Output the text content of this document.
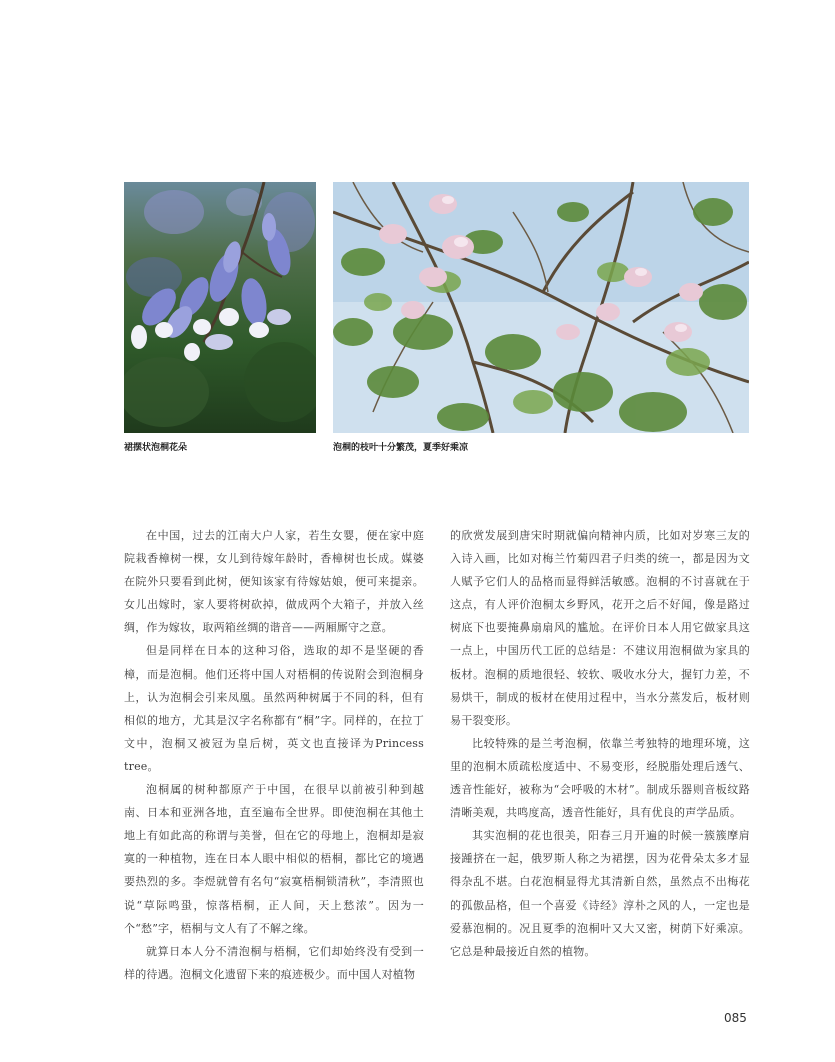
裙摆状泡桐花朵	泡桐的枝叶十分繁茂，夏季好乘凉

在中国，过去的江南大户人家，若生女婴，便在家中庭院栽香樟树一棵，女儿到待嫁年龄时，香樟树也长成。媒婆在院外只要看到此树，便知该家有待嫁姑娘，便可来提亲。女儿出嫁时，家人要将树砍掉，做成两个大箱子，并放入丝绸，作为嫁妆，取两箱丝绸的谐音——两厢厮守之意。

但是同样在日本的这种习俗，选取的却不是坚硬的香樟，而是泡桐。他们还将中国人对梧桐的传说附会到泡桐身上，认为泡桐会引来凤凰。虽然两种树属于不同的科，但有相似的地方，尤其是汉字名称都有“桐”字。同样的，在拉丁文中，泡桐又被冠为皇后树，英文也直接译为Princess tree。

泡桐属的树种都原产于中国，在很早以前被引种到越南、日本和亚洲各地，直至遍布全世界。即使泡桐在其他土地上有如此高的称谓与美誉，但在它的母地上，泡桐却是寂寞的一种植物，连在日本人眼中相似的梧桐，都比它的境遇要热烈的多。李煜就曾有名句“寂寞梧桐锁清秋”，李清照也说“草际鸣蛩，惊落梧桐，正人间，天上愁浓”。因为一个“愁”字，梧桐与文人有了不解之缘。

就算日本人分不清泡桐与梧桐，它们却始终没有受到一样的待遇。泡桐文化遗留下来的痕迹极少。而中国人对植物

的欣赏发展到唐宋时期就偏向精神内质，比如对岁寒三友的入诗入画，比如对梅兰竹菊四君子归类的统一，都是因为文人赋予它们人的品格而显得鲜活敏感。泡桐的不讨喜就在于这点，有人评价泡桐太乡野风，花开之后不好闻，像是路过树底下也要掩鼻扇扇风的尴尬。在评价日本人用它做家具这一点上，中国历代工匠的总结是：不建议用泡桐做为家具的板材。泡桐的质地很轻、较软、吸收水分大，握钉力差，不易烘干，制成的板材在使用过程中，当水分蒸发后，板材则易干裂变形。

比较特殊的是兰考泡桐，依靠兰考独特的地理环境，这里的泡桐木质疏松度适中、不易变形，经脱脂处理后透气、透音性能好，被称为“会呼吸的木材”。制成乐器则音板纹路清晰美观，共鸣度高，透音性能好，具有优良的声学品质。

其实泡桐的花也很美，阳春三月开遍的时候一簇簇摩肩接踵挤在一起，俄罗斯人称之为裙摆，因为花骨朵太多才显得杂乱不堪。白花泡桐显得尤其清新自然，虽然点不出梅花的孤傲品格，但一个喜爱《诗经》淳朴之风的人，一定也是爱慕泡桐的。况且夏季的泡桐叶又大又密，树荫下好乘凉。它总是种最接近自然的植物。

085
